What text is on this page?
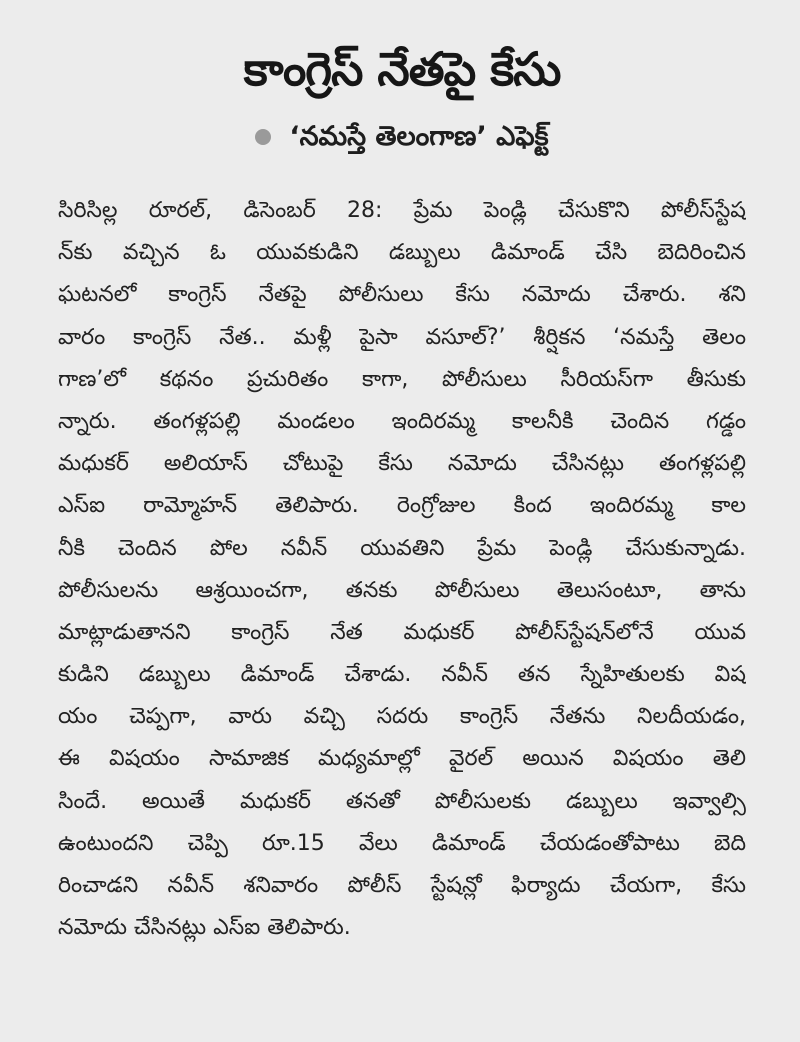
కాంగ్రెస్ నేతపై కేసు
‘నమస్తే తెలంగాణ’ ఎఫెక్ట్
సిరిసిల్ల రూరల్, డిసెంబర్ 28: ప్రేమ పెండ్లి చేసుకొని పోలీస్‌స్టేష
న్‌కు వచ్చిన ఓ యువకుడిని డబ్బులు డిమాండ్ చేసి బెదిరించిన
ఘటనలో కాంగ్రెస్ నేతపై పోలీసులు కేసు నమోదు చేశారు. శని
వారం కాంగ్రెస్ నేత.. మళ్లీ పైసా వసూల్?’ శీర్షికన ‘నమస్తే తెలం
గాణ’లో కథనం ప్రచురితం కాగా, పోలీసులు సీరియస్‌గా తీసుకు
న్నారు. తంగళ్లపల్లి మండలం ఇందిరమ్మ కాలనీకి చెందిన గడ్డం
మధుకర్ అలియాస్ చోటుపై కేసు నమోదు చేసినట్లు తంగళ్లపల్లి
ఎస్‌ఐ రామ్మోహన్ తెలిపారు. రెంగ్రోజుల కింద ఇందిరమ్మ కాల
నీకి చెందిన పోల నవీన్ యువతిని ప్రేమ పెండ్లి చేసుకున్నాడు.
పోలీసులను ఆశ్రయించగా, తనకు పోలీసులు తెలుసంటూ, తాను
మాట్లాడుతానని కాంగ్రెస్ నేత మధుకర్ పోలీస్‌స్టేషన్‌లోనే యువ
కుడిని డబ్బులు డిమాండ్ చేశాడు. నవీన్ తన స్నేహితులకు విష
యం చెప్పగా, వారు వచ్చి సదరు కాంగ్రెస్ నేతను నిలదీయడం,
ఈ విషయం సామాజిక మధ్యమాల్లో వైరల్ అయిన విషయం తెలి
సిందే. అయితే మధుకర్ తనతో పోలీసులకు డబ్బులు ఇవ్వాల్సి
ఉంటుందని చెప్పి రూ.15 వేలు డిమాండ్ చేయడంతోపాటు బెది
రించాడని నవీన్ శనివారం పోలీస్ స్టేషన్లో ఫిర్యాదు చేయగా, కేసు
నమోదు చేసినట్లు ఎస్‌ఐ తెలిపారు.
